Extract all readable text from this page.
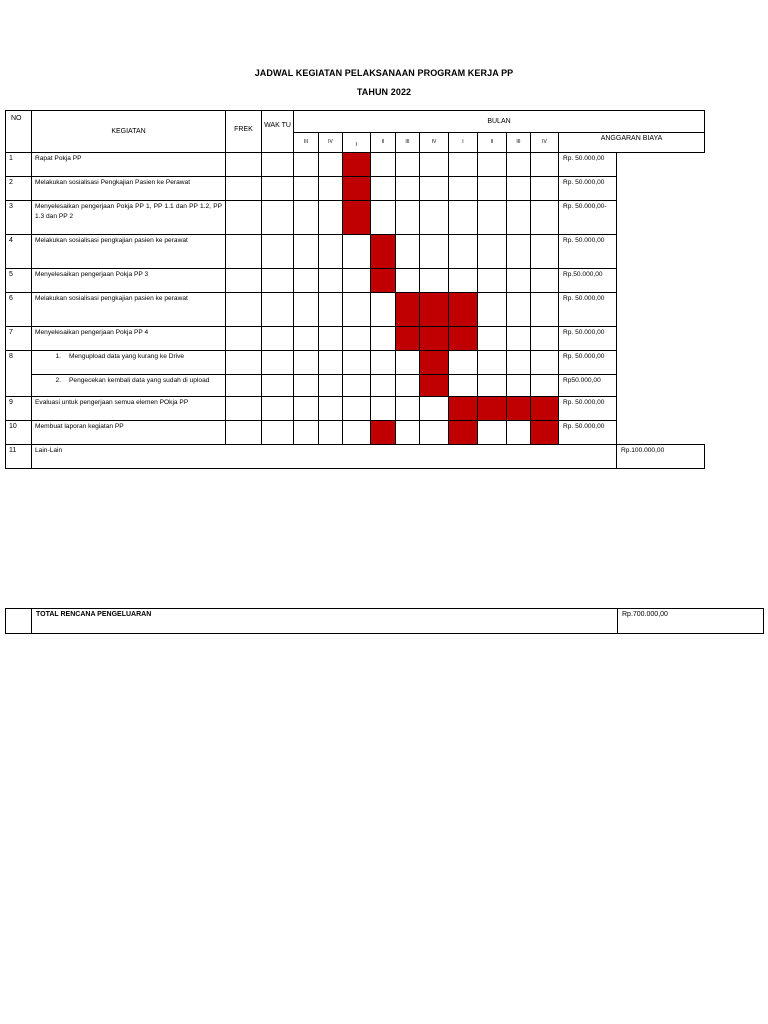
JADWAL KEGIATAN PELAKSANAAN PROGRAM KERJA PP
TAHUN 2022
NO	KEGIATAN	FREK	WAK TU	BULAN											
				III	IV	I	II	III	IV	I	II	III	IV	ANGGARAN BIAYA	
1	Rapat Pokja PP													Rp. 50.000,00	
2	Melakukan sosialisasi Pengkajian Pasien ke Perawat													Rp. 50.000,00	
3	Menyelesaikan pengerjaan Pokja PP 1, PP 1.1 dan PP 1.2, PP 1.3 dan PP 2													Rp. 50.000,00-	
4	Melakukan sosialisasi pengkajian pasien ke perawat													Rp. 50.000,00	
5	Menyelesaikan pengerjaan Pokja PP 3													Rp.50.000,00	
6	Melakukan sosialisasi pengkajian pasien ke perawat													Rp. 50.000,00	
7	Menyelesaikan pengerjaan Pokja PP 4													Rp. 50.000,00	
8	1. Mengupload data yang kurang ke Drive													Rp. 50.000,00	

	2. Pengecekan kembali data yang sudah di upload													Rp50.000,00	
9	Evaluasi untuk pengerjaan semua elemen POkja PP													Rp. 50.000,00	
10	Membuat laporan kegiatan PP													Rp. 50.000,00	
11	Lain-Lain														Rp.100.000,00
	TOTAL RENCANA PENGELUARAN	Rp.700.000,00
